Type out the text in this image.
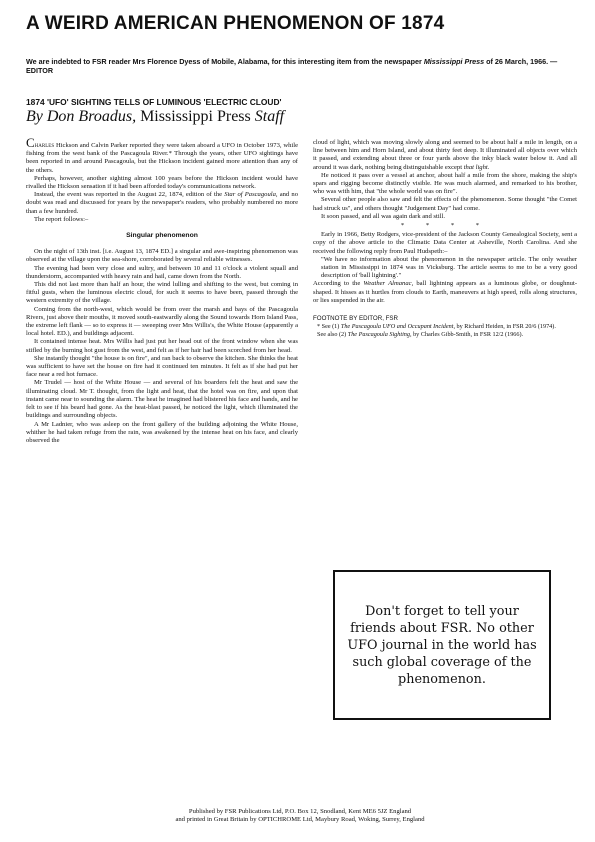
A WEIRD AMERICAN PHENOMENON OF 1874

We are indebted to FSR reader Mrs Florence Dyess of Mobile, Alabama, for this interesting item from the newspaper Mississippi Press of 26 March, 1966. — EDITOR

1874 'UFO' SIGHTING TELLS OF LUMINOUS 'ELECTRIC CLOUD'

By Don Broadus, Mississippi Press Staff

Charles Hickson and Calvin Parker reported they were taken aboard a UFO in October 1973, while fishing from the west bank of the Pascagoula River.* Through the years, other UFO sightings have been reported in and around Pascagoula, but the Hickson incident gained more attention than any of the others.

Perhaps, however, another sighting almost 100 years before the Hickson incident would have rivalled the Hickson sensation if it had been afforded today's communications network.

Instead, the event was reported in the August 22, 1874, edition of the Star of Pascagoula, and no doubt was read and discussed for years by the newspaper's readers, who probably numbered no more than a few hundred.

The report follows:–

Singular phenomenon

On the night of 13th inst. [i.e. August 13, 1874 ED.] a singular and awe-inspiring phenomenon was observed at the village upon the sea-shore, corroborated by several reliable witnesses.

The evening had been very close and sultry, and between 10 and 11 o'clock a violent squall and thunderstorm, accompanied with heavy rain and hail, came down from the North.

This did not last more than half an hour, the wind lulling and shifting to the west, but coming in fitful gusts, when the luminous electric cloud, for such it seems to have been, passed through the western extremity of the village.

Coming from the north-west, which would be from over the marsh and bays of the Pascagoula Rivers, just above their mouths, it moved south-eastwardly along the Sound towards Horn Island Pass, the extreme left flank — so to express it — sweeping over Mrs Willis's, the White House (apparently a local hotel. ED.), and buildings adjacent.

It contained intense heat. Mrs Willis had just put her head out of the front window when she was stifled by the burning hot gust from the west, and felt as if her hair had been scorched from her head.

She instantly thought "the house is on fire", and ran back to observe the kitchen. She thinks the heat was sufficient to have set the house on fire had it continued ten minutes. It felt as if she had put her face near a red hot furnace.

Mr Trudel — host of the White House — and several of his boarders felt the heat and saw the illuminating cloud. Mr T. thought, from the light and heat, that the hotel was on fire, and upon that instant came near to sounding the alarm. The heat he imagined had blistered his face and hands, and he felt to see if his beard had gone. As the heat-blast passed, he noticed the light, which illuminated the buildings and surrounding objects.

A Mr Ladnier, who was asleep on the front gallery of the building adjoining the White House, whither he had taken refuge from the rain, was awakened by the intense heat on his face, and clearly observed the

cloud of light, which was moving slowly along and seemed to be about half a mile in length, on a line between him and Horn Island, and about thirty feet deep. It illuminated all objects over which it passed, and extending about three or four yards above the inky black water below it. And all around it was dark, nothing being distinguishable except that light.

He noticed it pass over a vessel at anchor, about half a mile from the shore, making the ship's spars and rigging become distinctly visible. He was much alarmed, and remarked to his brother, who was with him, that "the whole world was on fire".

Several other people also saw and felt the effects of the phenomenon. Some thought "the Comet had struck us", and others thought "Judgement Day" had come.

It soon passed, and all was again dark and still.

* * * *

Early in 1966, Betty Rodgers, vice-president of the Jackson County Genealogical Society, sent a copy of the above article to the Climatic Data Center at Asheville, North Carolina. And she received the following reply from Paul Hudspeth:–

"We have no information about the phenomenon in the newspaper article. The only weather station in Mississippi in 1874 was in Vicksburg. The article seems to me to be a very good description of 'ball lightning'."

According to the Weather Almanac, ball lightning appears as a luminous globe, or doughnut-shaped. It hisses as it hurtles from clouds to Earth, maneuvers at high speed, rolls along structures, or lies suspended in the air.

FOOTNOTE BY EDITOR, FSR

* See (1) The Pascagoula UFO and Occupant Incident, by Richard Heiden, in FSR 20/6 (1974).

See also (2) The Pascagoula Sighting, by Charles Gibb-Smith, in FSR 12/2 (1966).

Don't forget to tell your friends about FSR. No other UFO journal in the world has such global coverage of the phenomenon.
Published by FSR Publications Ltd, P.O. Box 12, Snodland, Kent ME6 5JZ England
and printed in Great Britain by OPTICHROME Ltd, Maybury Road, Woking, Surrey, England
